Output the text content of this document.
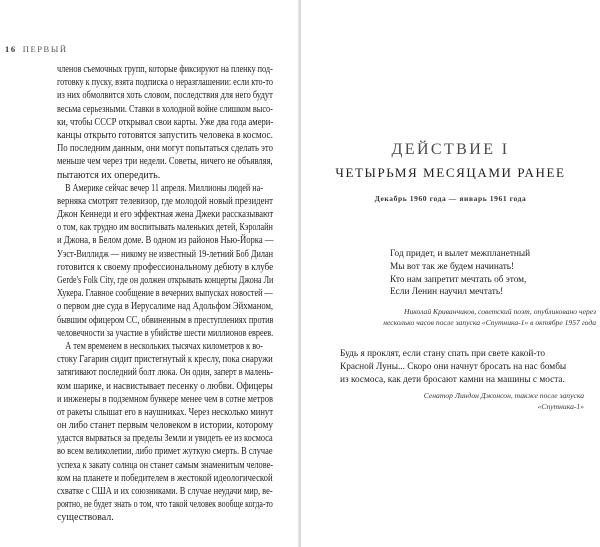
16 ПЕРВЫЙ
членов съемочных групп, которые фиксируют на пленку под-
готовку к пуску, взята подписка о неразглашении: если кто-то
из них обмолвится хоть словом, последствия для него будут
весьма серьезными. Ставки в холодной войне слишком высо-
ки, чтобы СССР открывал свои карты. Уже два года амери-
канцы открыто готовятся запустить человека в космос.
По последним данным, они могут попытаться сделать это
меньше чем через три недели. Советы, ничего не объявляя,
пытаются их опередить.
В Америке сейчас вечер 11 апреля. Миллионы людей на-
верняка смотрят телевизор, где молодой новый президент
Джон Кеннеди и его эффектная жена Джеки рассказывают
о том, как трудно им воспитывать маленьких детей, Кэролайн
и Джона, в Белом доме. В одном из районов Нью-Йорка —
Уэст-Виллидж — никому не известный 19-летний Боб Дилан
готовится к своему профессиональному дебюту в клубе
Gerde's Folk City, где он должен открывать концерты Джона Ли
Хукера. Главное сообщение в вечерних выпусках новостей —
о первом дне суда в Иерусалиме над Адольфом Эйхманом,
бывшим офицером СС, обвиненным в преступлениях против
человечности за участие в убийстве шести миллионов евреев.
А тем временем в нескольких тысячах километров к во-
стоку Гагарин сидит пристегнутый к креслу, пока снаружи
затягивают последний болт люка. Он один, заперт в малень-
ком шарике, и насвистывает песенку о любви. Офицеры
и инженеры в подземном бункере менее чем в сотне метров
от ракеты слышат его в наушниках. Через несколько минут
он либо станет первым человеком в истории, которому
удастся вырваться за пределы Земли и увидеть ее из космоса
во всем великолепии, либо примет жуткую смерть. В случае
успеха к закату солнца он станет самым знаменитым челове-
ком на планете и победителем в жестокой идеологической
схватке с США и их союзниками. В случае неудачи мир, ве-
роятно, не будет знать о том, что такой человек вообще когда-то
существовал.
ДЕЙСТВИЕ I
ЧЕТЫРЬМЯ МЕСЯЦАМИ РАНЕЕ
Декабрь 1960 года — январь 1961 года
Год придет, и вылет межпланетный
Мы вот так же будем начинать!
Кто нам запретит мечтать об этом,
Если Ленин научил мечтать!
Николай Криванчиков, советский поэт, опубликовано через
несколько часов после запуска «Спутника-1» в октябре 1957 года
Будь я проклят, если стану спать при свете какой-то
Красной Луны... Скоро они начнут бросать на нас бомбы
из космоса, как дети бросают камни на машины с моста.
Сенатор Линдон Джонсон, также после запуска
«Спутника-1»
